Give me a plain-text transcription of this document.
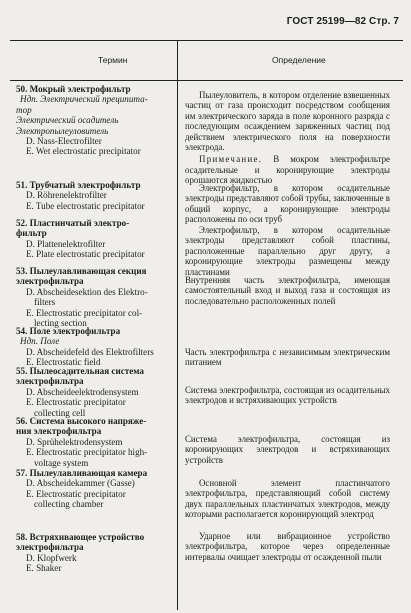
ГОСТ 25199—82 Стр. 7
Термин	Определение
50. Мокрый электрофильтр
Ндп. Электрический преципита-
тор
Электрический осадитель
Электропылеуловитель
D. Nass-Electrofilter
E. Wet electrostatic precipitator
51. Трубчатый электрофильтр
D. Röhrenelektrofilter
E. Tube electrostatic precipitator
52. Пластинчатый электро-
фильтр
D. Plattenelektrofilter
E. Plate electrostatic precipitator
53. Пылеулавливающая секция
электрофильтра
D. Abscheidesektion des Elektro-
filters
E. Electrostatic precipitator col-
lecting section
54. Поле электрофильтра
Ндп. Поле
D. Abscheidefeld des Elektrofilters
E. Electrostatic field
55. Пылеосадительная система
электрофильтра
D. Abscheideelektrodensystem
E. Electrostatic precipitator
collecting cell
56. Система высокого напряже-
ния электрофильтра
D. Sprühelektrodensystem
E. Electrostatic precipitator high-
voltage system
57. Пылеулавливающая камера
D. Abscheidekammer (Gasse)
E. Electrostatic precipitator
collecting chamber
58. Встряхивающее устройство
электрофильтра
D. Klopfwerk
E. Shaker

Пылеуловитель, в котором отделение взвешенных частиц от газа происходит посредством сообщения им электрического заряда в поле коронного разряда с последующим осаждением заряженных частиц под действием электрического поля на поверхности электрода.

Примечание. В мокром электрофильтре осадительные и коронирующие электроды орошаются жидкостью

Электрофильтр, в котором осадительные электроды представляют собой трубы, заключенные в общий корпус, а коронирующие электроды расположены по оси труб

Электрофильтр, в котором осадительные электроды представляют собой пластины, расположенные параллельно друг другу, а коронирующие электроды размещены между пластинами

Внутренняя часть электрофильтра, имеющая самостоятельный вход и выход газа и состоящая из последовательно расположенных полей

Часть электрофильтра с независимым электрическим питанием

Система электрофильтра, состоящая из осадительных электродов и встряхивающих устройств

Система электрофильтра, состоящая из коронирующих электродов и встряхивающих устройств

Основной элемент пластинчатого электрофильтра, представляющий собой систему двух параллельных пластинчатых электродов, между которыми располагается коронирующий электрод

Ударное или вибрационное устройство электрофильтра, которое через определенные интервалы очищает электроды от осажденной пыли
